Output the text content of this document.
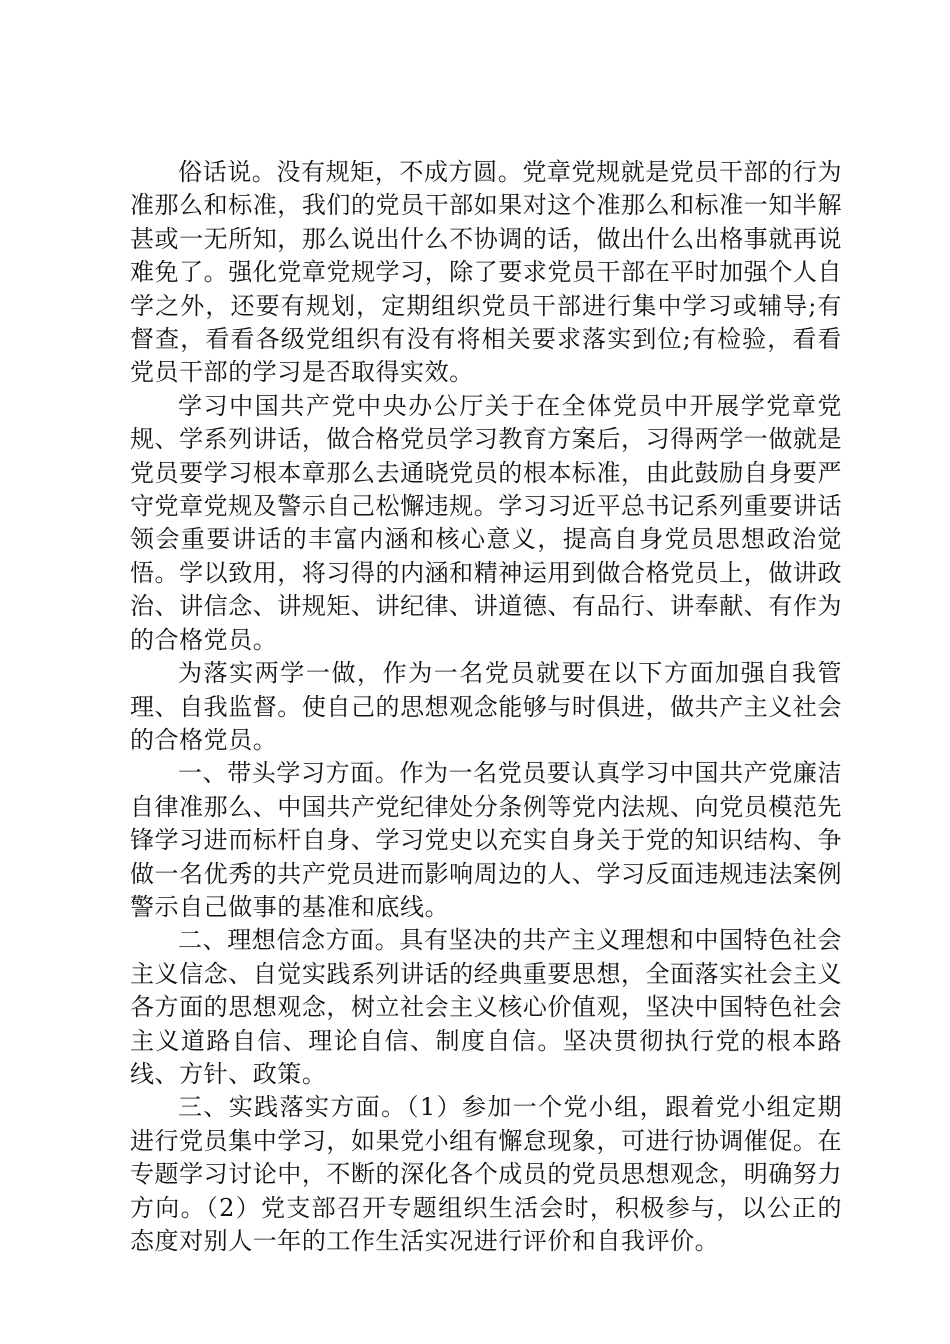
俗话说。没有规矩，不成方圆。党章党规就是党员干部的行为准那么和标准，我们的党员干部如果对这个准那么和标准一知半解甚或一无所知，那么说出什么不协调的话，做出什么出格事就再说难免了。强化党章党规学习，除了要求党员干部在平时加强个人自学之外，还要有规划，定期组织党员干部进行集中学习或辅导;有督查，看看各级党组织有没有将相关要求落实到位;有检验，看看党员干部的学习是否取得实效。

学习中国共产党中央办公厅关于在全体党员中开展学党章党规、学系列讲话，做合格党员学习教育方案后，习得两学一做就是党员要学习根本章那么去通晓党员的根本标准，由此鼓励自身要严守党章党规及警示自己松懈违规。学习习近平总书记系列重要讲话领会重要讲话的丰富内涵和核心意义，提高自身党员思想政治觉悟。学以致用，将习得的内涵和精神运用到做合格党员上，做讲政治、讲信念、讲规矩、讲纪律、讲道德、有品行、讲奉献、有作为的合格党员。

为落实两学一做，作为一名党员就要在以下方面加强自我管理、自我监督。使自己的思想观念能够与时俱进，做共产主义社会的合格党员。

一、带头学习方面。作为一名党员要认真学习中国共产党廉洁自律准那么、中国共产党纪律处分条例等党内法规、向党员模范先锋学习进而标杆自身、学习党史以充实自身关于党的知识结构、争做一名优秀的共产党员进而影响周边的人、学习反面违规违法案例警示自己做事的基准和底线。

二、理想信念方面。具有坚决的共产主义理想和中国特色社会主义信念、自觉实践系列讲话的经典重要思想，全面落实社会主义各方面的思想观念，树立社会主义核心价值观，坚决中国特色社会主义道路自信、理论自信、制度自信。坚决贯彻执行党的根本路线、方针、政策。

三、实践落实方面。（1）参加一个党小组，跟着党小组定期进行党员集中学习，如果党小组有懈怠现象，可进行协调催促。在专题学习讨论中，不断的深化各个成员的党员思想观念，明确努力方向。（2）党支部召开专题组织生活会时，积极参与，以公正的态度对别人一年的工作生活实况进行评价和自我评价。
